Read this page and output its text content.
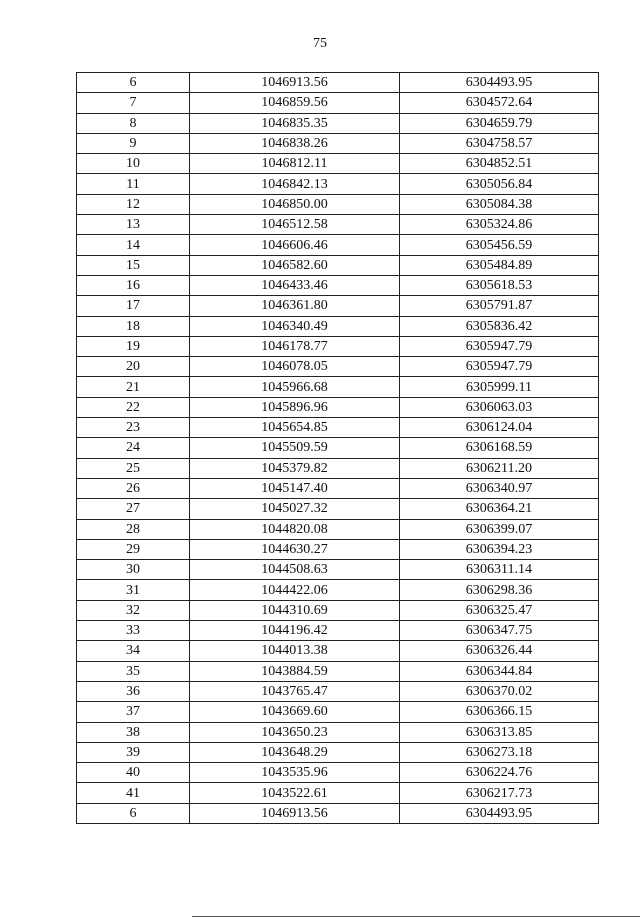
75
6	1046913.56	6304493.95
7	1046859.56	6304572.64
8	1046835.35	6304659.79
9	1046838.26	6304758.57
10	1046812.11	6304852.51
11	1046842.13	6305056.84
12	1046850.00	6305084.38
13	1046512.58	6305324.86
14	1046606.46	6305456.59
15	1046582.60	6305484.89
16	1046433.46	6305618.53
17	1046361.80	6305791.87
18	1046340.49	6305836.42
19	1046178.77	6305947.79
20	1046078.05	6305947.79
21	1045966.68	6305999.11
22	1045896.96	6306063.03
23	1045654.85	6306124.04
24	1045509.59	6306168.59
25	1045379.82	6306211.20
26	1045147.40	6306340.97
27	1045027.32	6306364.21
28	1044820.08	6306399.07
29	1044630.27	6306394.23
30	1044508.63	6306311.14
31	1044422.06	6306298.36
32	1044310.69	6306325.47
33	1044196.42	6306347.75
34	1044013.38	6306326.44
35	1043884.59	6306344.84
36	1043765.47	6306370.02
37	1043669.60	6306366.15
38	1043650.23	6306313.85
39	1043648.29	6306273.18
40	1043535.96	6306224.76
41	1043522.61	6306217.73
6	1046913.56	6304493.95
